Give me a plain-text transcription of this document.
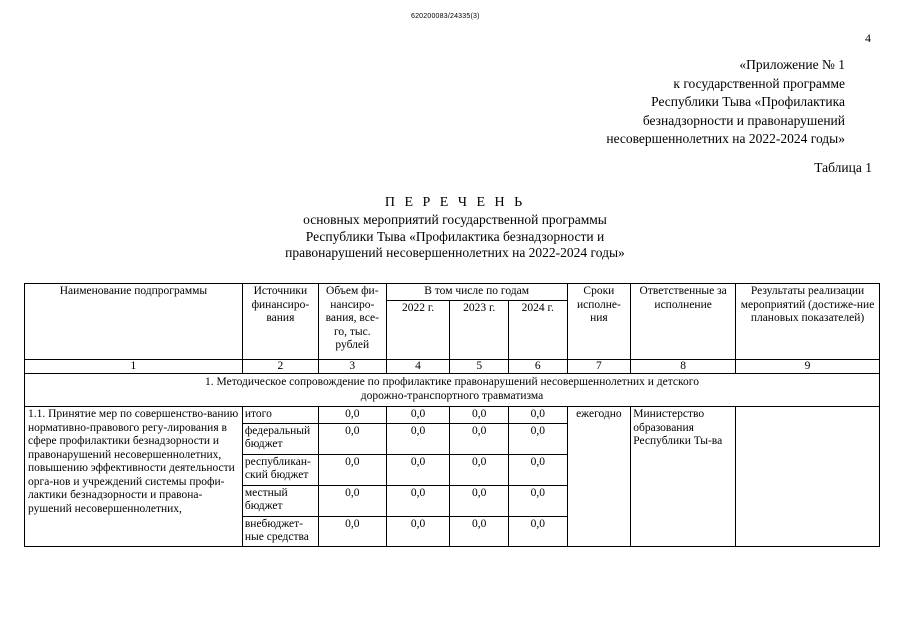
620200083/24335(3)
4
«Приложение № 1
к государственной программе
Республики Тыва «Профилактика
безнадзорности и правонарушений
несовершеннолетних на 2022-2024 годы»
Таблица 1
П Е Р Е Ч Е Н Ь
основных мероприятий государственной программы
Республики Тыва «Профилактика безнадзорности и
правонарушений несовершеннолетних на 2022-2024 годы»
Наименование подпрограммы	Источники финансиро-вания	Объем фи-нансиро-вания, все-го, тыс. рублей	В том числе по годам			Сроки исполне-ния	Ответственные за исполнение	Результаты реализации мероприятий (достиже-ние плановых показателей)
			2022 г.	2023 г.	2024 г.			
1	2	3	4	5	6	7	8	9
1. Методическое сопровождение по профилактике правонарушений несовершеннолетних и детского дорожно-транспортного травматизма								
1.1. Принятие мер по совершенство-ванию нормативно-правового регу-лирования в сфере профилактики безнадзорности и правонарушений несовершеннолетних, повышению эффективности деятельности орга-нов и учреждений системы профи-лактики безнадзорности и правона-рушений несовершеннолетних,	итого	0,0	0,0	0,0	0,0	ежегодно	Министерство образования Республики Ты-ва	
	федеральный бюджет	0,0	0,0	0,0	0,0			
	республикан-ский бюджет	0,0	0,0	0,0	0,0			
	местный бюджет	0,0	0,0	0,0	0,0			
	внебюджет-ные средства	0,0	0,0	0,0	0,0			
